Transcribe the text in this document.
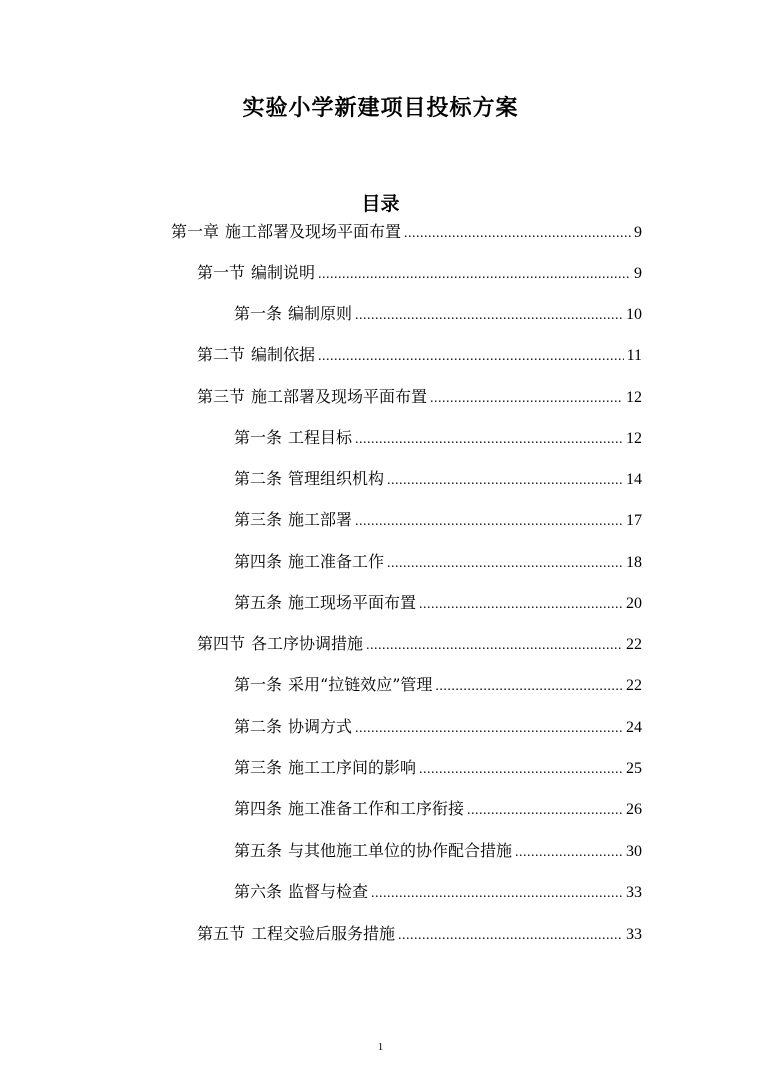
实验小学新建项目投标方案
目录
第一章 施工部署及现场平面布置 .....	9
第一节 编制说明 .....	9
第一条 编制原则 .....	10
第二节 编制依据 .....	11
第三节 施工部署及现场平面布置 .....	12
第一条 工程目标 .....	12
第二条 管理组织机构 .....	14
第三条 施工部署 .....	17
第四条 施工准备工作 .....	18
第五条 施工现场平面布置 .....	20
第四节 各工序协调措施 .....	22
第一条 采用“拉链效应”管理 .....	22
第二条 协调方式 .....	24
第三条 施工工序间的影响 .....	25
第四条 施工准备工作和工序衔接 .....	26
第五条 与其他施工单位的协作配合措施 .....	30
第六条 监督与检查 .....	33
第五节 工程交验后服务措施 .....	33
1
